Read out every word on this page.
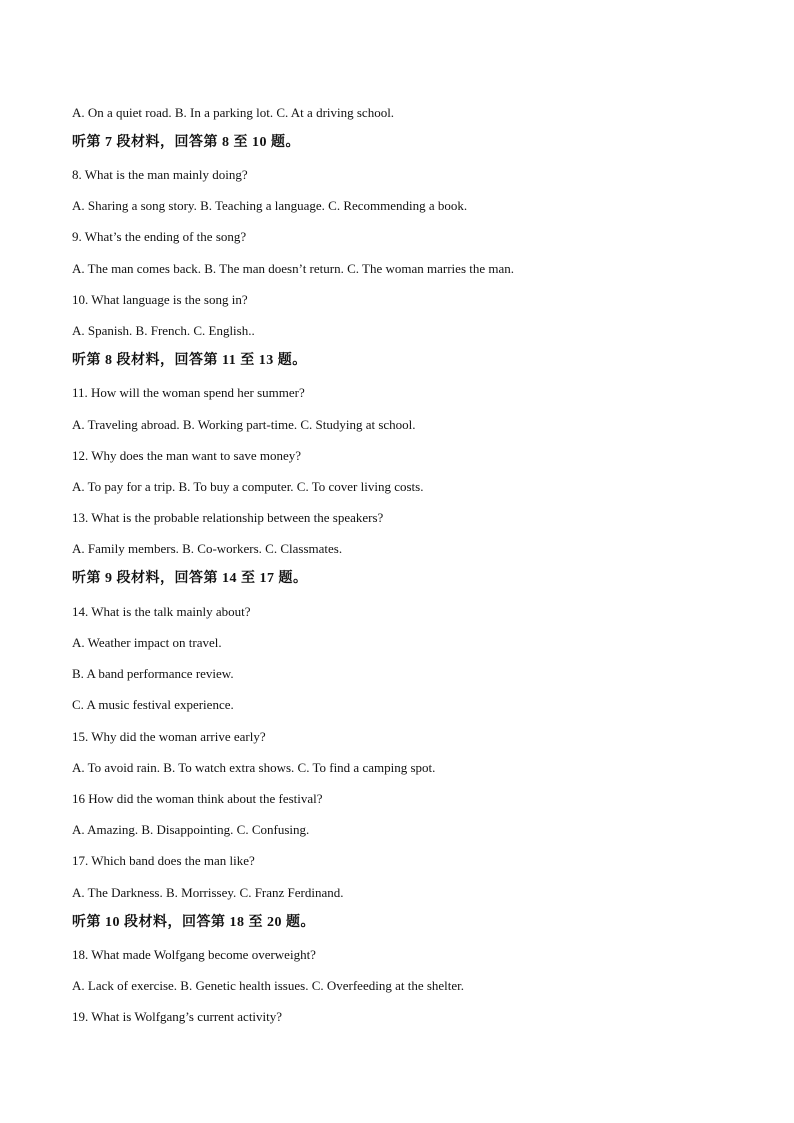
A. On a quiet road. B. In a parking lot. C. At a driving school.
听第 7 段材料，回答第 8 至 10 题。
8. What is the man mainly doing?
A. Sharing a song story. B. Teaching a language. C. Recommending a book.
9. What’s the ending of the song?
A. The man comes back. B. The man doesn’t return. C. The woman marries the man.
10. What language is the song in?
A. Spanish. B. French. C. English..
听第 8 段材料，回答第 11 至 13 题。
11. How will the woman spend her summer?
A. Traveling abroad. B. Working part-time. C. Studying at school.
12. Why does the man want to save money?
A. To pay for a trip. B. To buy a computer. C. To cover living costs.
13. What is the probable relationship between the speakers?
A. Family members. B. Co-workers. C. Classmates.
听第 9 段材料，回答第 14 至 17 题。
14. What is the talk mainly about?
A. Weather impact on travel.
B. A band performance review.
C. A music festival experience.
15. Why did the woman arrive early?
A. To avoid rain. B. To watch extra shows. C. To find a camping spot.
16 How did the woman think about the festival?
A. Amazing. B. Disappointing. C. Confusing.
17. Which band does the man like?
A. The Darkness. B. Morrissey. C. Franz Ferdinand.
听第 10 段材料，回答第 18 至 20 题。
18. What made Wolfgang become overweight?
A. Lack of exercise. B. Genetic health issues. C. Overfeeding at the shelter.
19. What is Wolfgang’s current activity?
